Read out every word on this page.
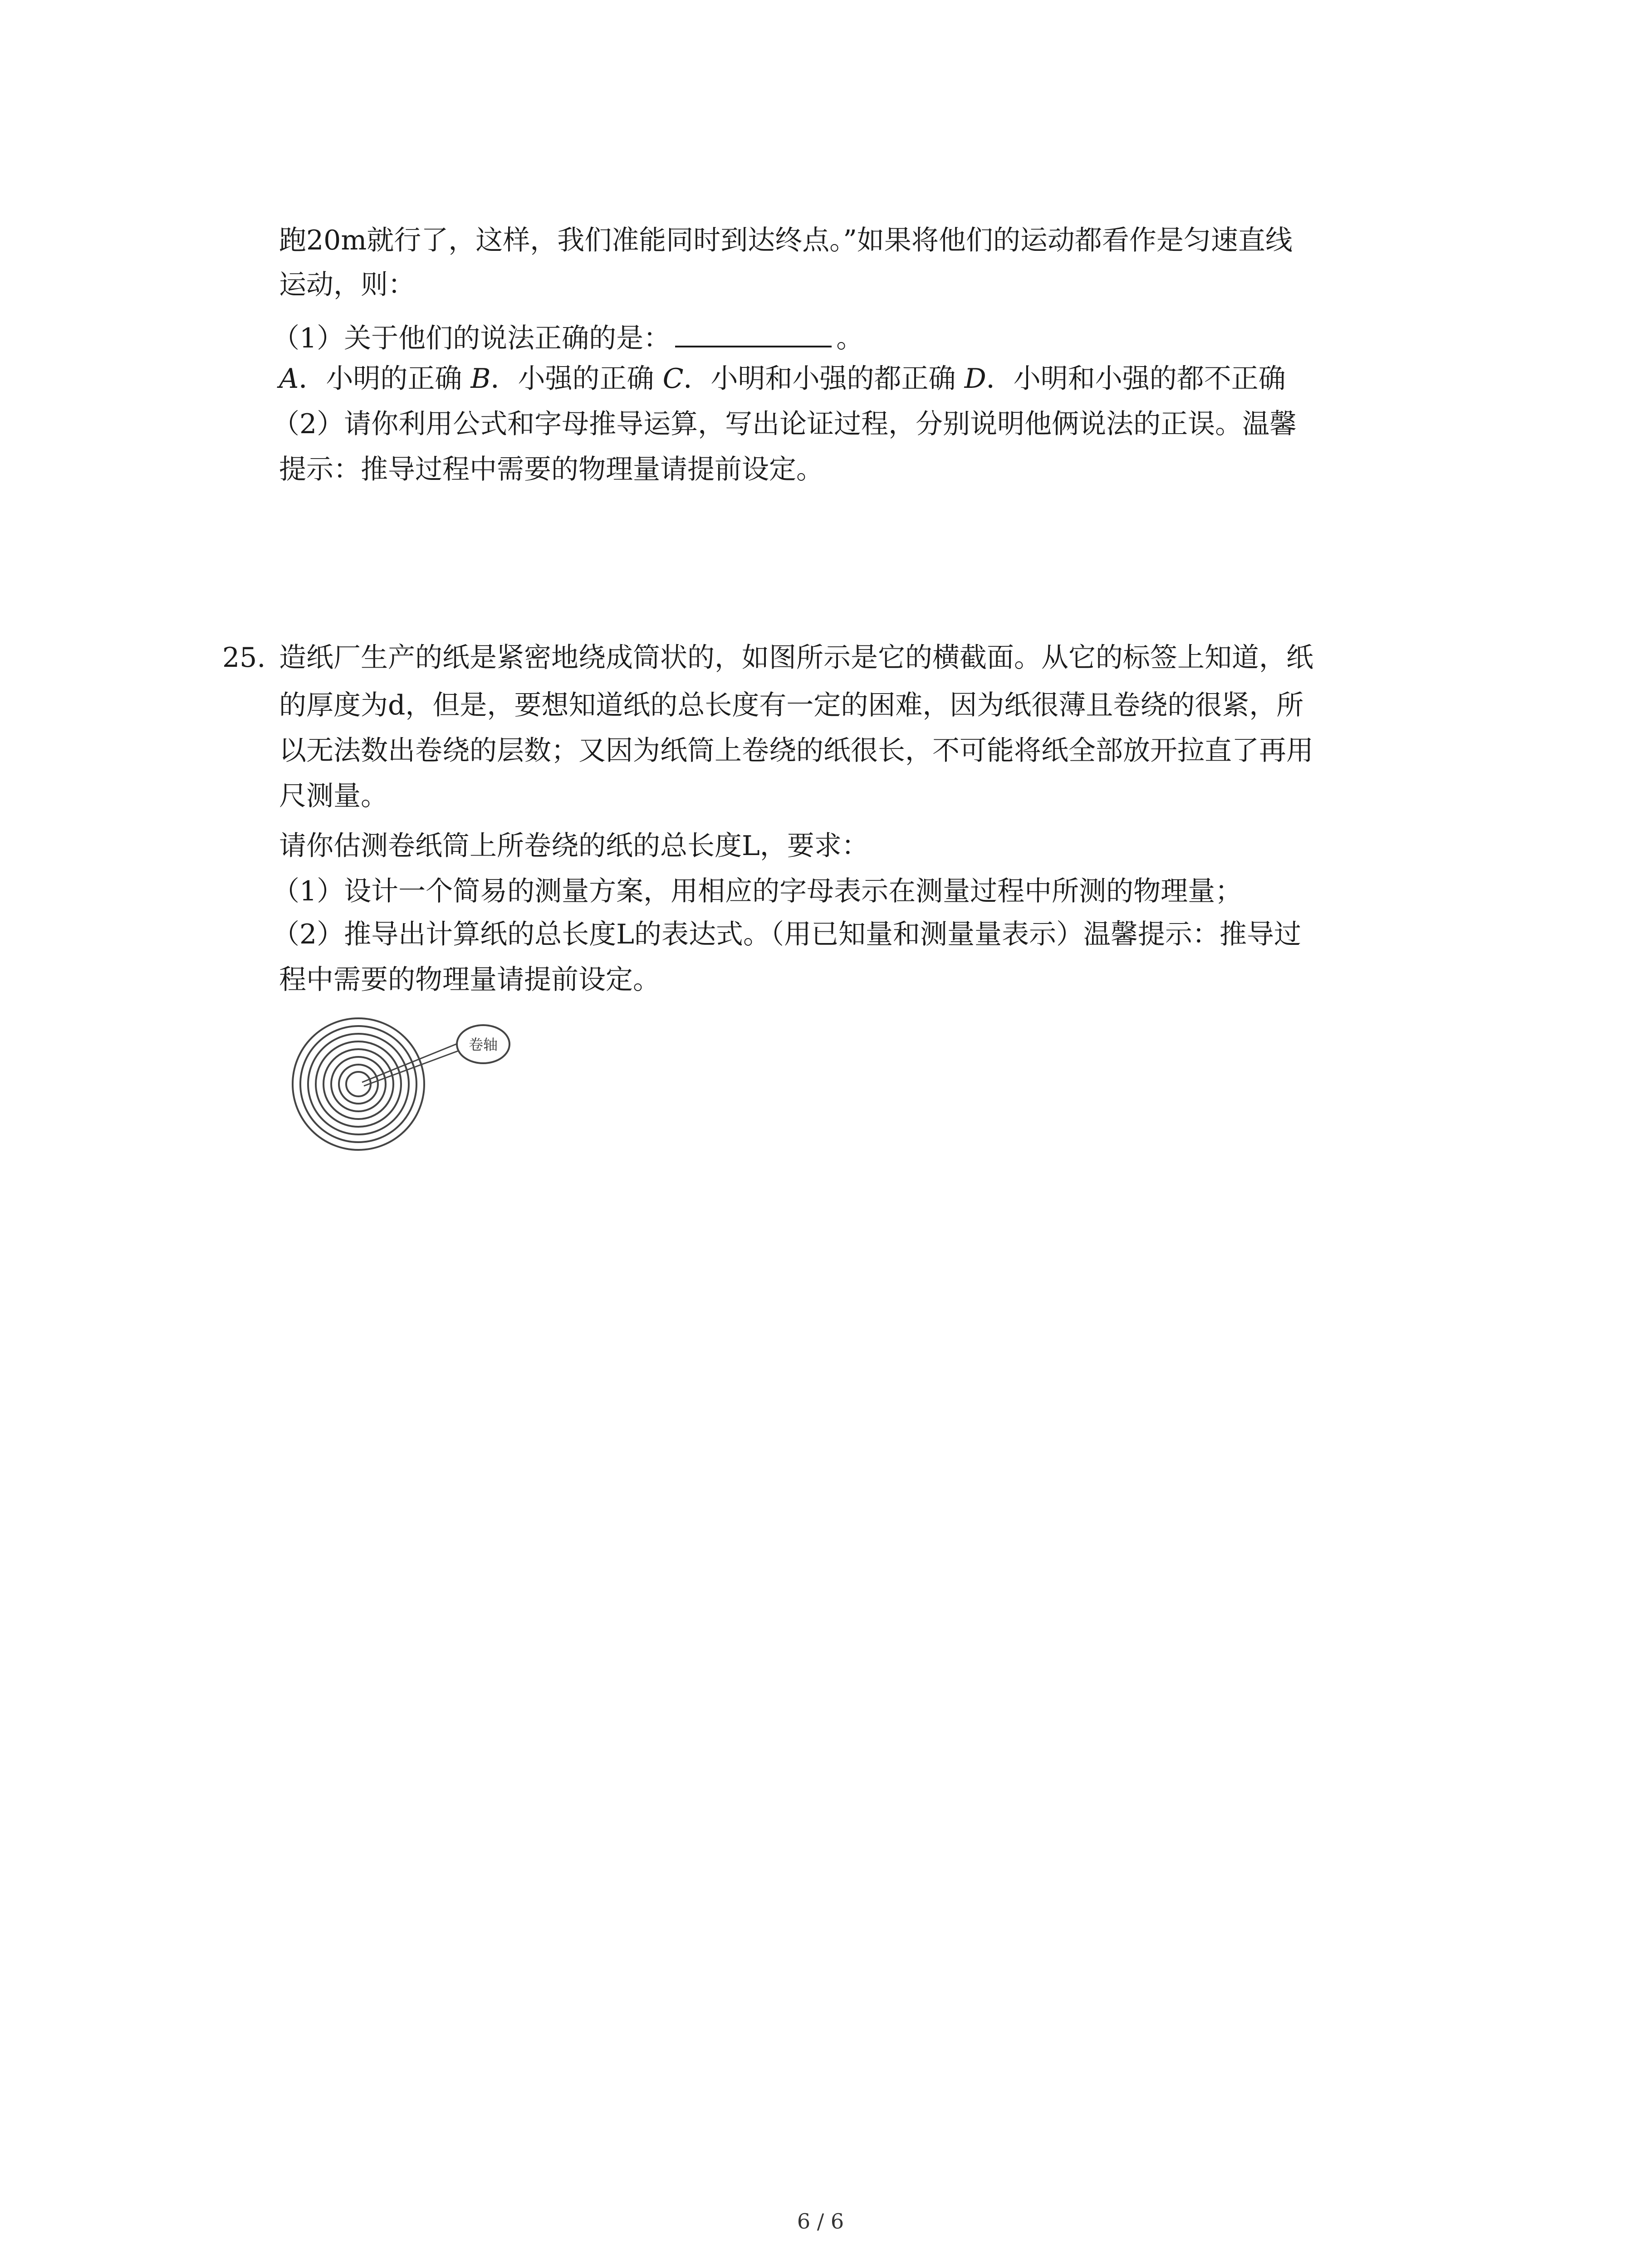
跑20m就行了，这样，我们准能同时到达终点。”如果将他们的运动都看作是匀速直线
运动，则：
（1）关于他们的说法正确的是：	。
A．小明的正确 B．小强的正确 C．小明和小强的都正确 D．小明和小强的都不正确
（2）请你利用公式和字母推导运算，写出论证过程，分别说明他俩说法的正误。温馨
提示：推导过程中需要的物理量请提前设定。
25. 造纸厂生产的纸是紧密地绕成筒状的，如图所示是它的横截面。从它的标签上知道，纸
的厚度为d，但是，要想知道纸的总长度有一定的困难，因为纸很薄且卷绕的很紧，所
以无法数出卷绕的层数；又因为纸筒上卷绕的纸很长，不可能将纸全部放开拉直了再用
尺测量。
请你估测卷纸筒上所卷绕的纸的总长度L，要求：
（1）设计一个简易的测量方案，用相应的字母表示在测量过程中所测的物理量；
（2）推导出计算纸的总长度L的表达式。（用已知量和测量量表示）温馨提示：推导过
程中需要的物理量请提前设定。
卷轴
6 / 6
